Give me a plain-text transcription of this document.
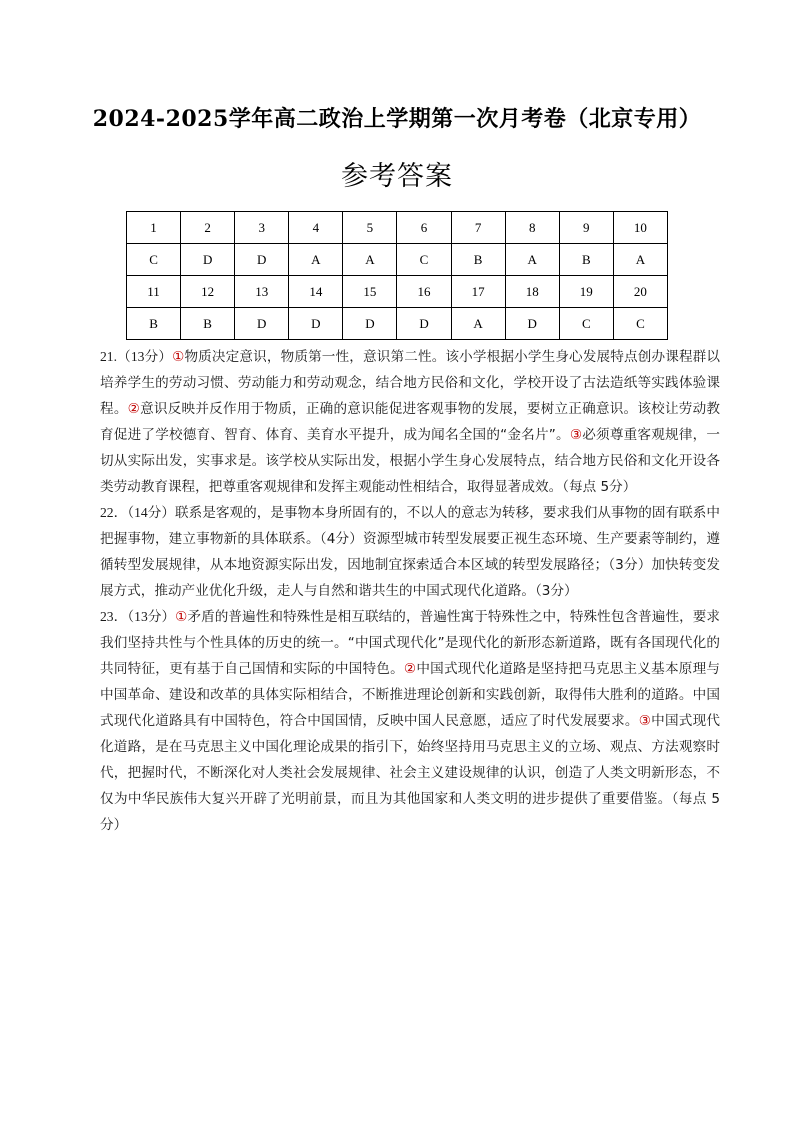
2024-2025学年高二政治上学期第一次月考卷（北京专用）
参考答案
1	2	3	4	5	6	7	8	9	10
C	D	D	A	A	C	B	A	B	A
11	12	13	14	15	16	17	18	19	20
B	B	D	D	D	D	A	D	C	C

21.（13分）①物质决定意识，物质第一性，意识第二性。该小学根据小学生身心发展特点创办课程群以培养学生的劳动习惯、劳动能力和劳动观念，结合地方民俗和文化，学校开设了古法造纸等实践体验课程。②意识反映并反作用于物质，正确的意识能促进客观事物的发展，要树立正确意识。该校让劳动教育促进了学校德育、智育、体育、美育水平提升，成为闻名全国的“金名片”。③必须尊重客观规律，一切从实际出发，实事求是。该学校从实际出发，根据小学生身心发展特点，结合地方民俗和文化开设各类劳动教育课程，把尊重客观规律和发挥主观能动性相结合，取得显著成效。（每点 5分）

22．（14分）联系是客观的，是事物本身所固有的，不以人的意志为转移，要求我们从事物的固有联系中把握事物，建立事物新的具体联系。（4分）资源型城市转型发展要正视生态环境、生产要素等制约，遵循转型发展规律，从本地资源实际出发，因地制宜探索适合本区域的转型发展路径；（3分）加快转变发展方式，推动产业优化升级，走人与自然和谐共生的中国式现代化道路。（3分）

23．（13分）①矛盾的普遍性和特殊性是相互联结的，普遍性寓于特殊性之中，特殊性包含普遍性，要求我们坚持共性与个性具体的历史的统一。“中国式现代化”是现代化的新形态新道路，既有各国现代化的共同特征，更有基于自己国情和实际的中国特色。②中国式现代化道路是坚持把马克思主义基本原理与中国革命、建设和改革的具体实际相结合，不断推进理论创新和实践创新，取得伟大胜利的道路。中国式现代化道路具有中国特色，符合中国国情，反映中国人民意愿，适应了时代发展要求。③中国式现代化道路，是在马克思主义中国化理论成果的指引下，始终坚持用马克思主义的立场、观点、方法观察时代，把握时代，不断深化对人类社会发展规律、社会主义建设规律的认识，创造了人类文明新形态，不仅为中华民族伟大复兴开辟了光明前景，而且为其他国家和人类文明的进步提供了重要借鉴。（每点 5分）
